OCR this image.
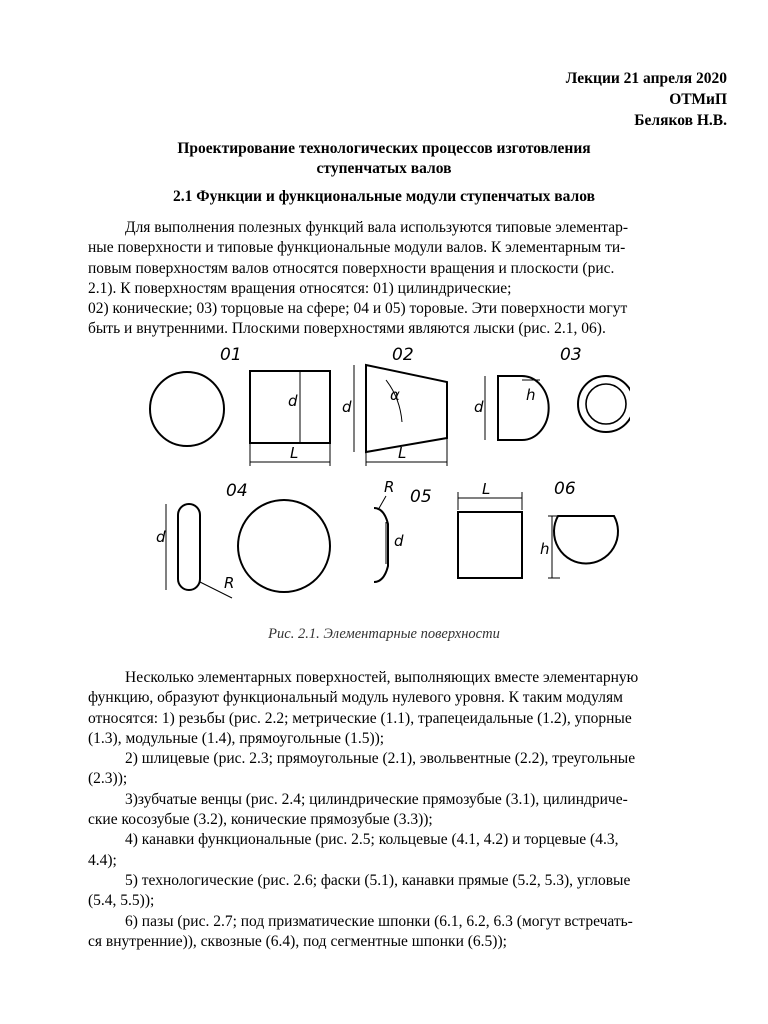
Лекции 21 апреля 2020
ОТМиП
Беляков Н.В.
Проектирование технологических процессов изготовления
ступенчатых валов
2.1 Функции и функциональные модули ступенчатых валов

Для выполнения полезных функций вала используются типовые элементар-

ные поверхности и типовые функциональные модули валов. К элементарным ти-

повым поверхностям валов относятся поверхности вращения и плоскости (рис.

2.1). К поверхностям вращения относятся: 01) цилиндрические;

02) конические; 03) торцовые на сфере; 04 и 05) торовые. Эти поверхности могут

быть и внутренними. Плоскими поверхностями являются лыски (рис. 2.1, 06).

01	02	03
04	05	06
L
d	d
L
α
d
h
d
R
R
d
L
h
Рис. 2.1. Элементарные поверхности

Несколько элементарных поверхностей, выполняющих вместе элементарную

функцию, образуют функциональный модуль нулевого уровня. К таким модулям

относятся: 1) резьбы (рис. 2.2; метрические (1.1), трапецеидальные (1.2), упорные

(1.3), модульные (1.4), прямоугольные (1.5));

2) шлицевые (рис. 2.3; прямоугольные (2.1), эвольвентные (2.2), треугольные

(2.3));

3)зубчатые венцы (рис. 2.4; цилиндрические прямозубые (3.1), цилиндриче-

ские косозубые (3.2), конические прямозубые (3.3));

4) канавки функциональные (рис. 2.5; кольцевые (4.1, 4.2) и торцевые (4.3,

4.4);

5) технологические (рис. 2.6; фаски (5.1), канавки прямые (5.2, 5.3), угловые

(5.4, 5.5));

6) пазы (рис. 2.7; под призматические шпонки (6.1, 6.2, 6.3 (могут встречать-

ся внутренние)), сквозные (6.4), под сегментные шпонки (6.5));
